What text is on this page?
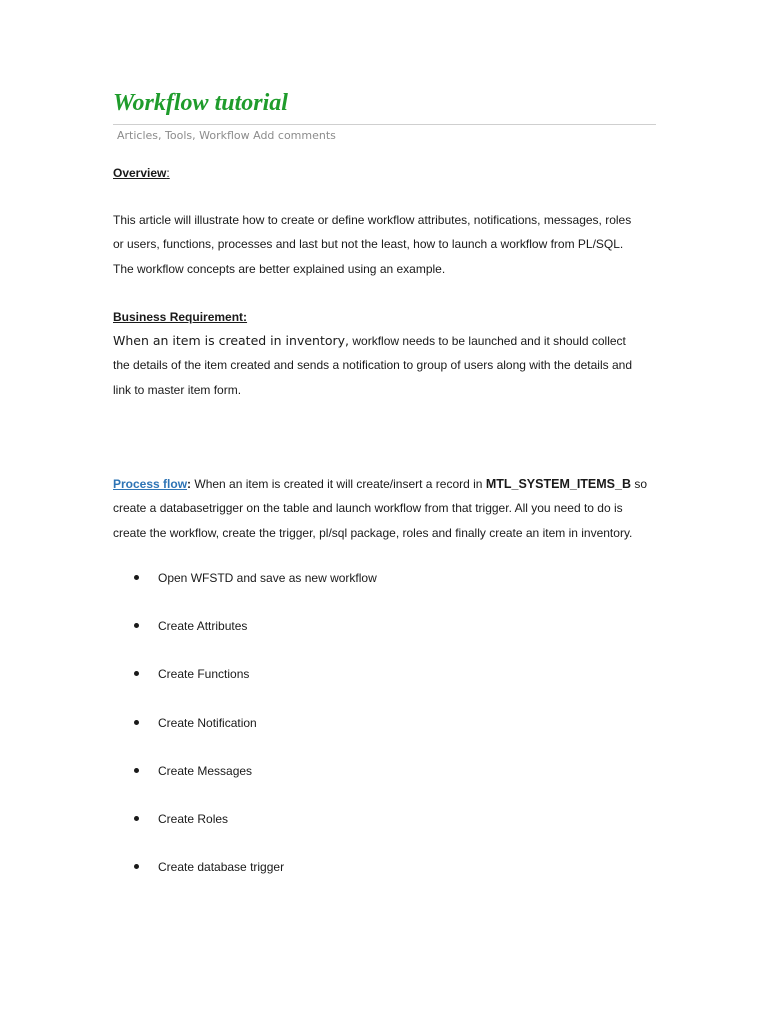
Workflow tutorial
Articles, Tools, Workflow Add comments
Overview:
This article will illustrate how to create or define workflow attributes, notifications, messages, roles
or users, functions, processes and last but not the least, how to launch a workflow from PL/SQL.
The workflow concepts are better explained using an example.
Business Requirement:
When an item is created in inventory, workflow needs to be launched and it should collect
the details of the item created and sends a notification to group of users along with the details and
link to master item form.
Process flow: When an item is created it will create/insert a record in MTL_SYSTEM_ITEMS_B so
create a databasetrigger on the table and launch workflow from that trigger. All you need to do is
create the workflow, create the trigger, pl/sql package, roles and finally create an item in inventory.
Open WFSTD and save as new workflow
Create Attributes
Create Functions
Create Notification
Create Messages
Create Roles
Create database trigger
